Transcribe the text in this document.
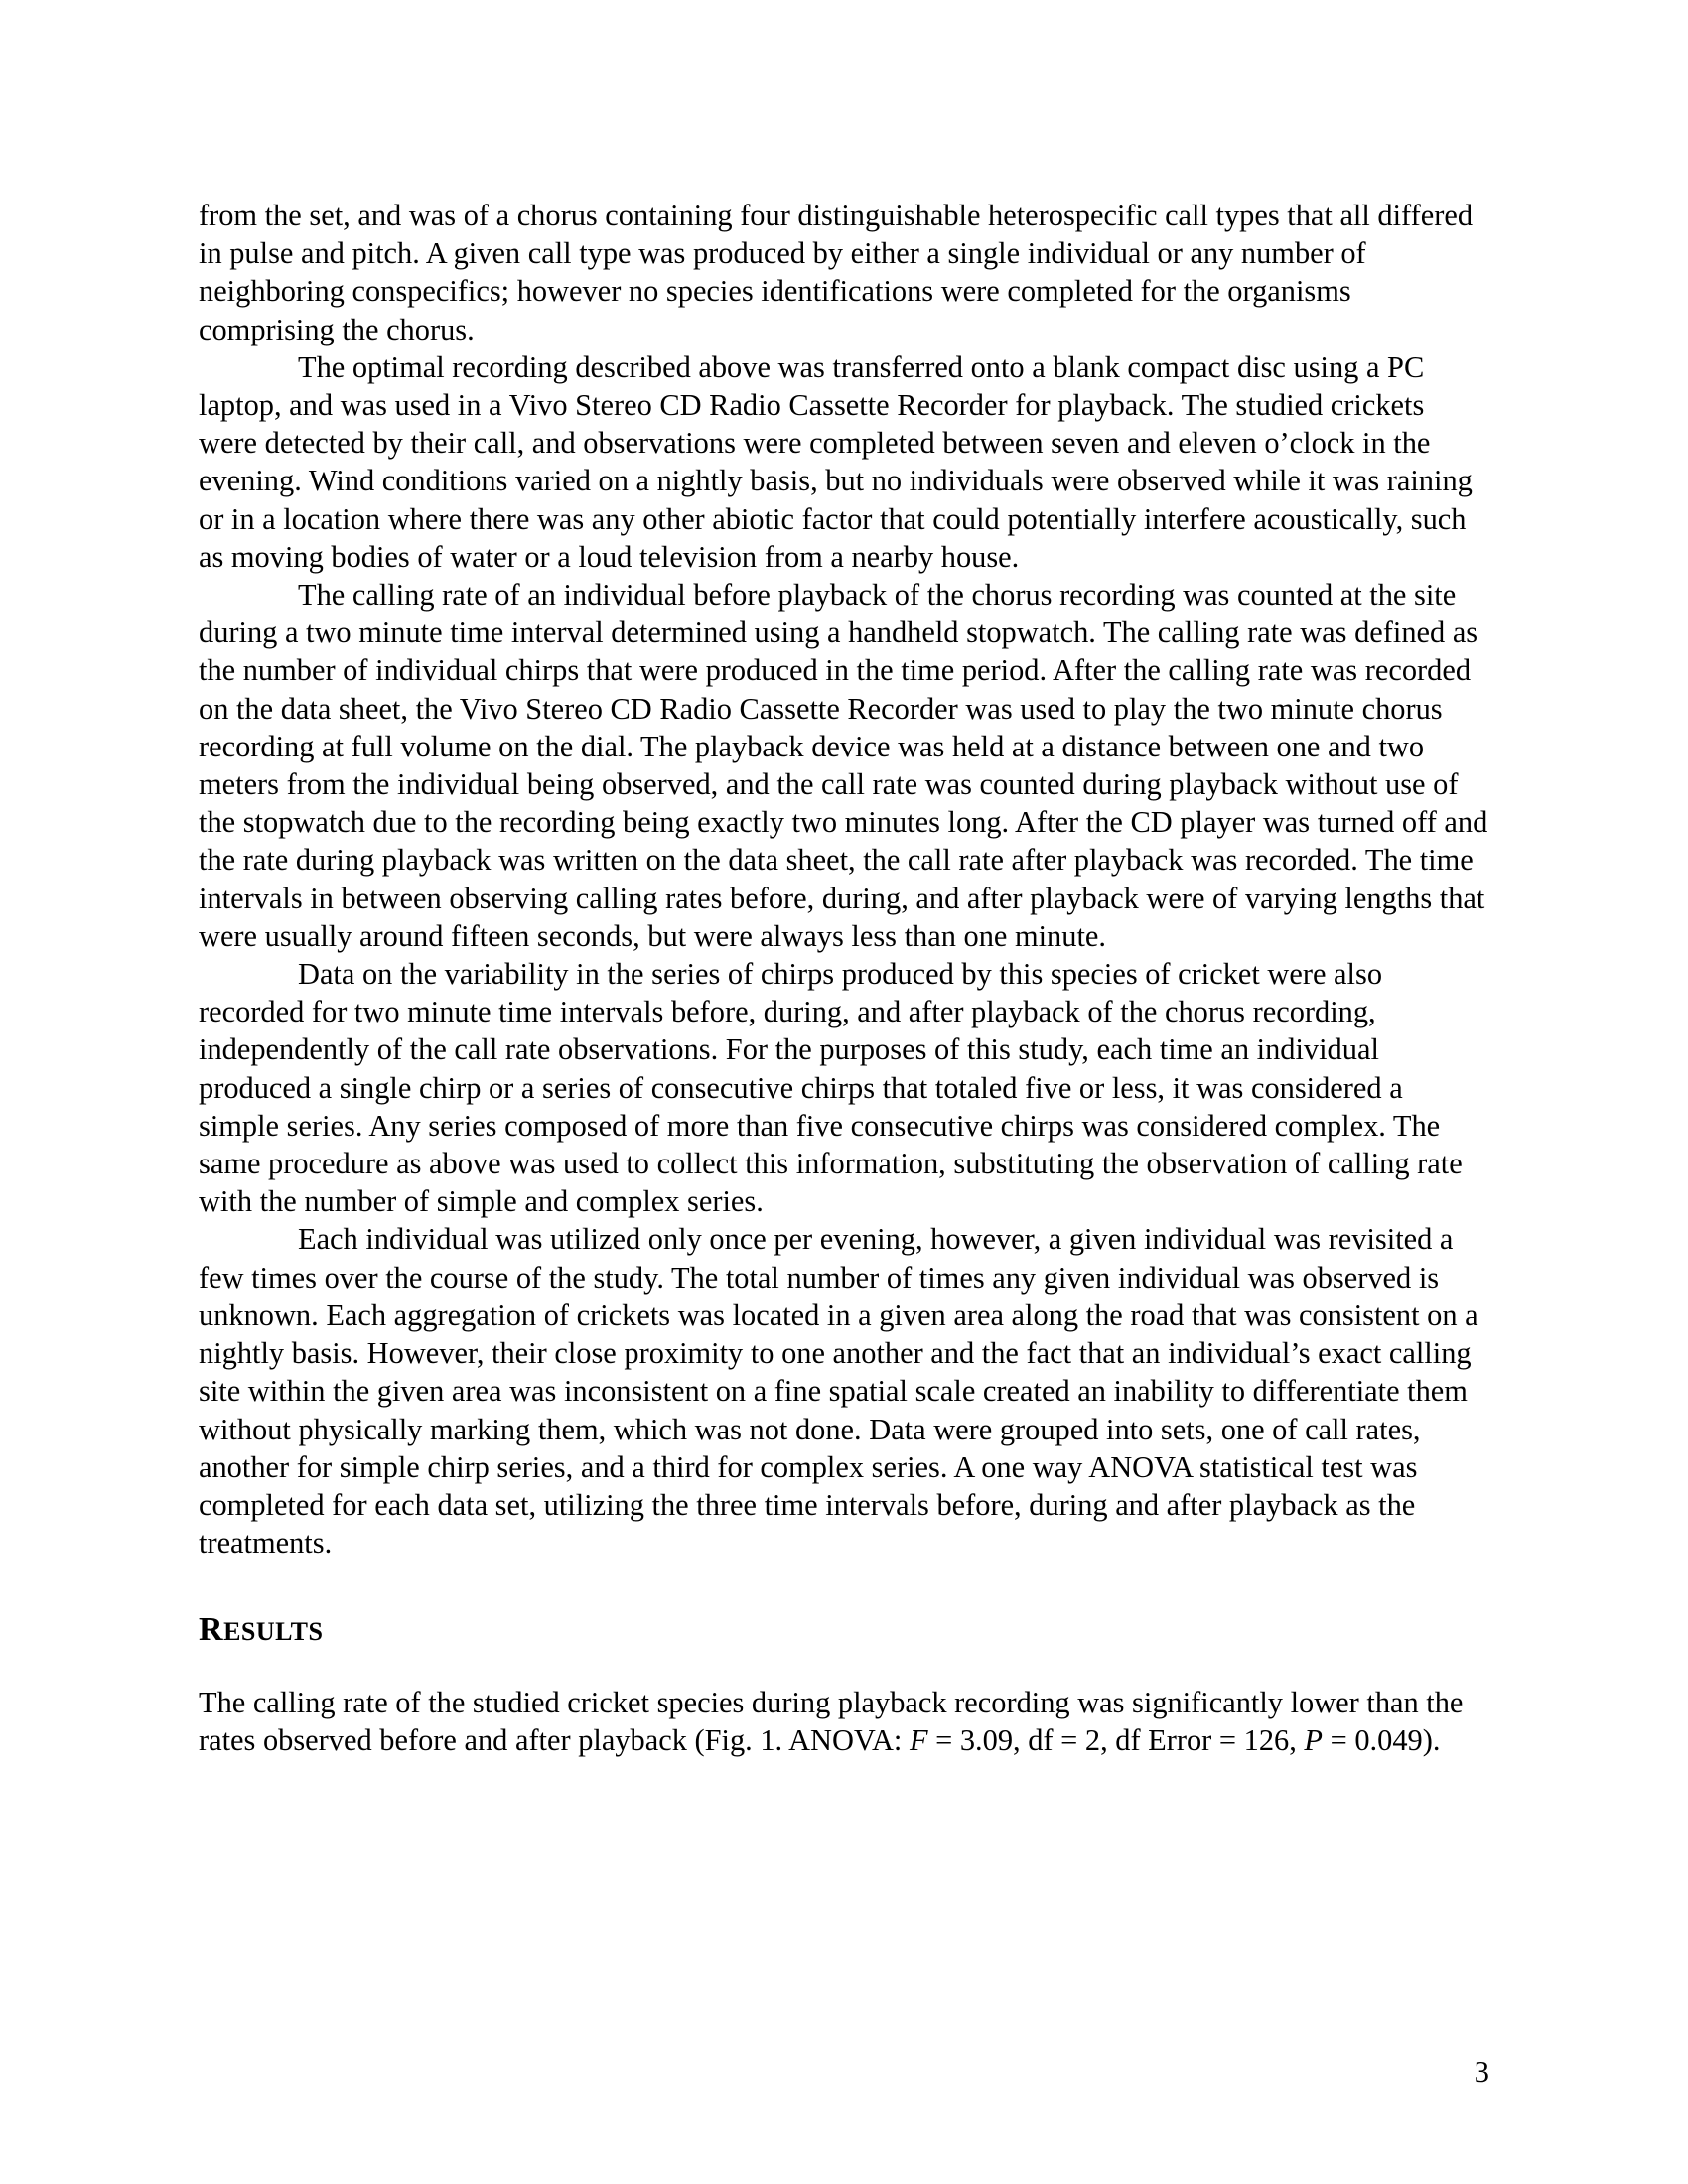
from the set, and was of a chorus containing four distinguishable heterospecific call types that all differed in pulse and pitch. A given call type was produced by either a single individual or any number of neighboring conspecifics; however no species identifications were completed for the organisms comprising the chorus.

The optimal recording described above was transferred onto a blank compact disc using a PC laptop, and was used in a Vivo Stereo CD Radio Cassette Recorder for playback. The studied crickets were detected by their call, and observations were completed between seven and eleven o’clock in the evening. Wind conditions varied on a nightly basis, but no individuals were observed while it was raining or in a location where there was any other abiotic factor that could potentially interfere acoustically, such as moving bodies of water or a loud television from a nearby house.

The calling rate of an individual before playback of the chorus recording was counted at the site during a two minute time interval determined using a handheld stopwatch. The calling rate was defined as the number of individual chirps that were produced in the time period. After the calling rate was recorded on the data sheet, the Vivo Stereo CD Radio Cassette Recorder was used to play the two minute chorus recording at full volume on the dial. The playback device was held at a distance between one and two meters from the individual being observed, and the call rate was counted during playback without use of the stopwatch due to the recording being exactly two minutes long. After the CD player was turned off and the rate during playback was written on the data sheet, the call rate after playback was recorded. The time intervals in between observing calling rates before, during, and after playback were of varying lengths that were usually around fifteen seconds, but were always less than one minute.

Data on the variability in the series of chirps produced by this species of cricket were also recorded for two minute time intervals before, during, and after playback of the chorus recording, independently of the call rate observations. For the purposes of this study, each time an individual produced a single chirp or a series of consecutive chirps that totaled five or less, it was considered a simple series. Any series composed of more than five consecutive chirps was considered complex. The same procedure as above was used to collect this information, substituting the observation of calling rate with the number of simple and complex series.

Each individual was utilized only once per evening, however, a given individual was revisited a few times over the course of the study. The total number of times any given individual was observed is unknown. Each aggregation of crickets was located in a given area along the road that was consistent on a nightly basis. However, their close proximity to one another and the fact that an individual’s exact calling site within the given area was inconsistent on a fine spatial scale created an inability to differentiate them without physically marking them, which was not done. Data were grouped into sets, one of call rates, another for simple chirp series, and a third for complex series. A one way ANOVA statistical test was completed for each data set, utilizing the three time intervals before, during and after playback as the treatments.

RESULTS

The calling rate of the studied cricket species during playback recording was significantly lower than the rates observed before and after playback (Fig. 1. ANOVA: F = 3.09, df = 2, df Error = 126, P = 0.049).

3
